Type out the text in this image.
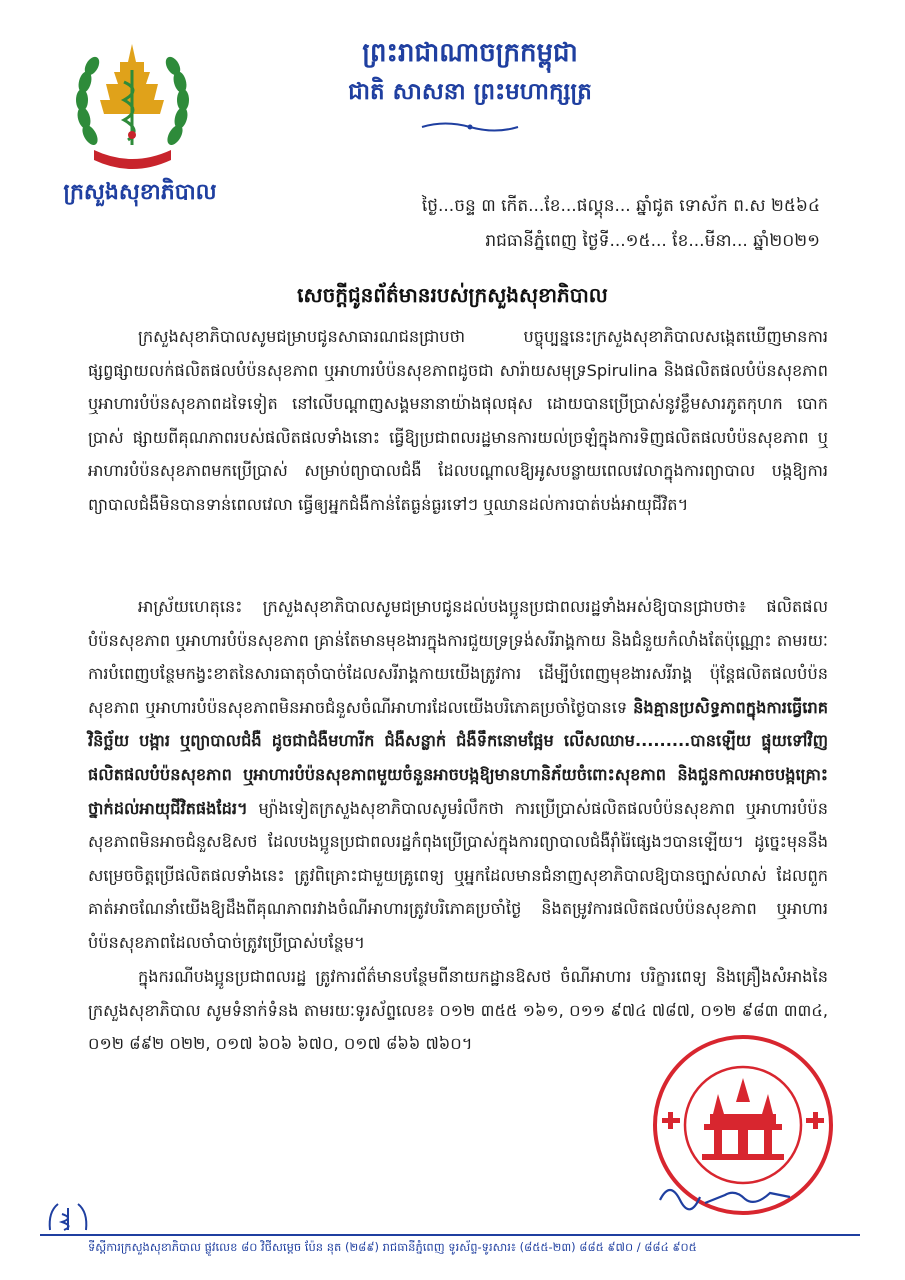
ក្រសួងសុខាភិបាល
ព្រះរាជាណាចក្រកម្ពុជា
ជាតិ សាសនា ព្រះមហាក្សត្រ
ថ្ងៃ...ចន្ទ ៣ កើត...ខែ...ផល្គុន... ឆ្នាំជូត ទោស័ក ព.ស ២៥៦៤
រាជធានីភ្នំពេញ ថ្ងៃទី...១៥... ខែ...មីនា... ឆ្នាំ២០២១
សេចក្តីជូនព័ត៌មានរបស់ក្រសួងសុខាភិបាល
ក្រសួងសុខាភិបាលសូមជម្រាបជូនសាធារណជនជ្រាបថា បច្ចុប្បន្ននេះក្រសួងសុខាភិបាលសង្កេតឃើញមានការផ្សព្វផ្សាយលក់ផលិតផលបំប៉នសុខភាព ឬអាហារបំប៉នសុខភាពដូចជា សារ៉ាយសមុទ្រSpirulina និងផលិតផលបំប៉នសុខភាព ឬអាហារបំប៉នសុខភាពដទៃទៀត នៅលើបណ្តាញសង្គមនានាយ៉ាងផុលផុស ដោយបានប្រើប្រាស់នូវខ្លឹមសារភូតកុហក បោកប្រាស់ ផ្សាយពីគុណភាពរបស់ផលិតផលទាំងនោះ ធ្វើឱ្យប្រជាពលរដ្ឋមានការយល់ច្រឡំក្នុងការទិញផលិតផលបំប៉នសុខភាព ឬអាហារបំប៉នសុខភាពមកប្រើប្រាស់ សម្រាប់ព្យាបាលជំងឺ ដែលបណ្តាលឱ្យអូសបន្លាយពេលវេលាក្នុងការព្យាបាល បង្កឱ្យការព្យាបាលជំងឺមិនបានទាន់ពេលវេលា ធ្វើឲ្យអ្នកជំងឺកាន់តែធ្ងន់ធ្ងរទៅៗ ឬឈានដល់ការបាត់បង់អាយុជីវិត។
អាស្រ័យហេតុនេះ ក្រសួងសុខាភិបាលសូមជម្រាបជូនដល់បងប្អូនប្រជាពលរដ្ឋទាំងអស់ឱ្យបានជ្រាបថា៖ ផលិតផលបំប៉នសុខភាព ឬអាហារបំប៉នសុខភាព គ្រាន់តែមានមុខងារក្នុងការជួយទ្រទ្រង់សរីរាង្គកាយ និងជំនួយកំលាំងតែប៉ុណ្ណោះ តាមរយៈការបំពេញបន្ថែមកង្វះខាតនៃសារធាតុចាំបាច់ដែលសរីរាង្គកាយយើងត្រូវការ ដើម្បីបំពេញមុខងារសរីរាង្គ ប៉ុន្តែផលិតផលបំប៉នសុខភាព ឬអាហារបំប៉នសុខភាពមិនអាចជំនួសចំណីអាហារដែលយើងបរិភោគប្រចាំថ្ងៃបានទេ និងគ្មានប្រសិទ្ធភាពក្នុងការធ្វើរោគវិនិច្ឆ័យ បង្ការ ឬព្យាបាលជំងឺ ដូចជាជំងឺមហារីក ជំងឺសន្លាក់ ជំងឺទឹកនោមផ្អែម លើសឈាម.........បានឡើយ ផ្ទុយទៅវិញផលិតផលបំប៉នសុខភាព ឬអាហារបំប៉នសុខភាពមួយចំនួនអាចបង្កឱ្យមានហានិភ័យចំពោះសុខភាព និងជួនកាលអាចបង្កគ្រោះថ្នាក់ដល់អាយុជីវិតផងដែរ។ ម្យ៉ាងទៀតក្រសួងសុខាភិបាលសូមរំលឹកថា ការប្រើប្រាស់ផលិតផលបំប៉នសុខភាព ឬអាហារបំប៉នសុខភាពមិនអាចជំនួសឱសថ ដែលបងប្អូនប្រជាពលរដ្ឋកំពុងប្រើប្រាស់ក្នុងការព្យាបាលជំងឺរ៉ាំរ៉ៃផ្សេងៗបានឡើយ។ ដូច្នេះមុននឹងសម្រេចចិត្តប្រើផលិតផលទាំងនេះ ត្រូវពិគ្រោះជាមួយគ្រូពេទ្យ ឬអ្នកដែលមានជំនាញសុខាភិបាលឱ្យបានច្បាស់លាស់ ដែលពួកគាត់អាចណែនាំយើងឱ្យដឹងពីគុណភាពរវាងចំណីអាហារត្រូវបរិភោគប្រចាំថ្ងៃ និងតម្រូវការផលិតផលបំប៉នសុខភាព ឬអាហារបំប៉នសុខភាពដែលចាំបាច់ត្រូវប្រើប្រាស់បន្ថែម។
ក្នុងករណីបងប្អូនប្រជាពលរដ្ឋ ត្រូវការព័ត៌មានបន្ថែមពីនាយកដ្ឋានឱសថ ចំណីអាហារ បរិក្ខារពេទ្យ និងគ្រឿងសំអាងនៃក្រសួងសុខាភិបាល សូមទំនាក់ទំនង តាមរយៈទូរស័ព្ទលេខ៖ ០១២ ៣៥៥ ១៦១, ០១១ ៩៧៤ ៧៨៧, ០១២ ៩៨៣ ៣៣៤, ០១២ ៨៩២ ០២២, ០១៧ ៦០៦ ៦៧០, ០១៧ ៨៦៦ ៧៦០។
ទីស្តីការក្រសួងសុខាភិបាល ផ្លូវលេខ ៨០ វិថីសម្តេច ប៉ែន នុត (២៨៩) រាជធានីភ្នំពេញ ទូរស័ព្ទ-ទូរសារ៖ (៨៥៥-២៣) ៨៨៥ ៩៧០ / ៨៨៤ ៩០៥
